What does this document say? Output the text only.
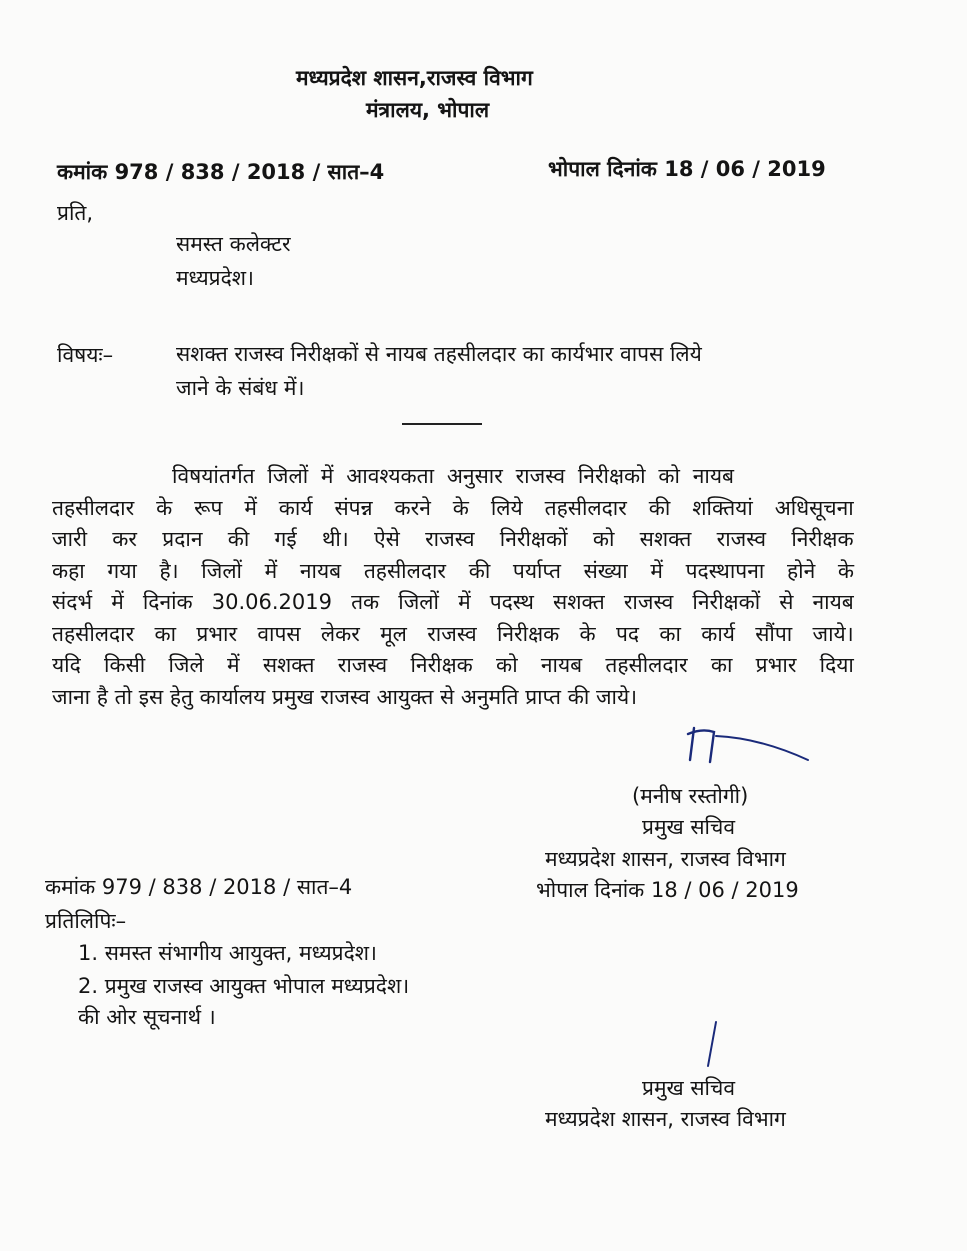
मध्यप्रदेश शासन,राजस्व विभाग

मंत्रालय, भोपाल

कमांक 978 / 838 / 2018 / सात–4	भोपाल दिनांक 18 / 06 / 2019

प्रति,

समस्त कलेक्टर

मध्यप्रदेश।

विषयः–	सशक्त राजस्व निरीक्षकों से नायब तहसीलदार का कार्यभार वापस लिये

जाने के संबंध में।

विषयांतर्गत जिलों में आवश्यकता अनुसार राजस्व निरीक्षको को नायब
तहसीलदार के रूप में कार्य संपन्न करने के लिये तहसीलदार की शक्तियां अधिसूचना
जारी कर प्रदान की गई थी। ऐसे राजस्व निरीक्षकों को सशक्त राजस्व निरीक्षक
कहा गया है। जिलों में नायब तहसीलदार की पर्याप्त संख्या में पदस्थापना होने के
संदर्भ में दिनांक 30.06.2019 तक जिलों में पदस्थ सशक्त राजस्व निरीक्षकों से नायब
तहसीलदार का प्रभार वापस लेकर मूल राजस्व निरीक्षक के पद का कार्य सौंपा जाये।
यदि किसी जिले में सशक्त राजस्व निरीक्षक को नायब तहसीलदार का प्रभार दिया
जाना है तो इस हेतु कार्यालय प्रमुख राजस्व आयुक्त से अनुमति प्राप्त की जाये।

(मनीष रस्तोगी)

प्रमुख सचिव

मध्यप्रदेश शासन, राजस्व विभाग

कमांक 979 / 838 / 2018 / सात–4	भोपाल दिनांक 18 / 06 / 2019

प्रतिलिपिः–

1. समस्त संभागीय आयुक्त, मध्यप्रदेश।

2. प्रमुख राजस्व आयुक्त भोपाल मध्यप्रदेश।

की ओर सूचनार्थ ।

प्रमुख सचिव

मध्यप्रदेश शासन, राजस्व विभाग
